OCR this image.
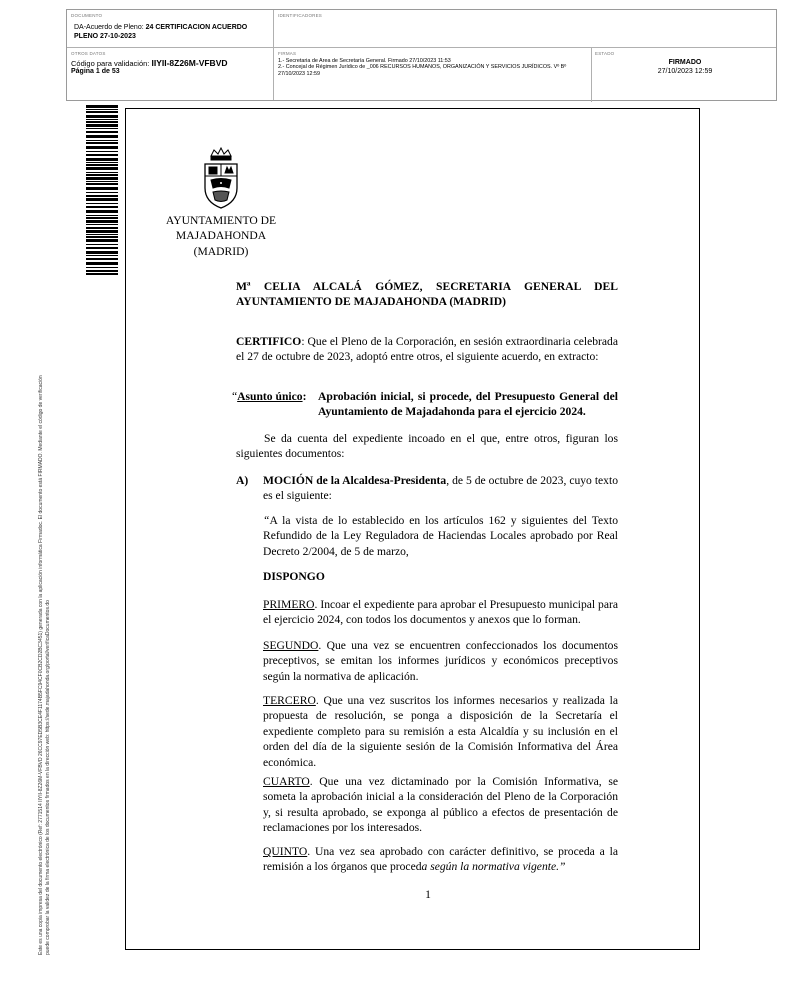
DOCUMENTO
DA-Acuerdo de Pleno: 24 CERTIFICACION ACUERDO PLENO 27-10-2023
IDENTIFICADORES
OTROS DATOS
Código para validación: IIYII-8Z26M-VFBVD
Página 1 de 53
FIRMAS
1.- Secretaria de Area de Secretaría General. Firmado 27/10/2023 11:53
2.- Concejal de Régimen Jurídico de _006 RECURSOS HUMANOS, ORGANIZACIÓN Y SERVICIOS JURÍDICOS. Vº Bº 27/10/2023 12:59
ESTADO
FIRMADO
27/10/2023 12:59
Este es una copia impresa del documento electrónico (Ref: 2771514 IIYII-8Z26M-VFBVD 26CC97ED5B3CE4F1174B5FC94CF0CB2CD2BC3451) generada con la aplicación informática Firmadoc. El documento está FIRMADO. Mediante el código de verificación puede comprobar la validez de la firma electrónica de los documentos firmados en la dirección web: https://sede.majadahonda.org/portal/verificaDocumentos.do
AYUNTAMIENTO DE
MAJADAHONDA
(MADRID)
Mª CELIA ALCALÁ GÓMEZ, SECRETARIA GENERAL DEL
AYUNTAMIENTO DE MAJADAHONDA (MADRID)
CERTIFICO: Que el Pleno de la Corporación, en sesión extraordinaria celebrada el 27 de octubre de 2023, adoptó entre otros, el siguiente acuerdo, en extracto:
“Asunto único: Aprobación inicial, si procede, del Presupuesto General del Ayuntamiento de Majadahonda para el ejercicio 2024.
Se da cuenta del expediente incoado en el que, entre otros, figuran los siguientes documentos:
A)	MOCIÓN de la Alcaldesa-Presidenta, de 5 de octubre de 2023, cuyo texto es el siguiente:
“A la vista de lo establecido en los artículos 162 y siguientes del Texto Refundido de la Ley Reguladora de Haciendas Locales aprobado por Real Decreto 2/2004, de 5 de marzo,
DISPONGO
PRIMERO. Incoar el expediente para aprobar el Presupuesto municipal para el ejercicio 2024, con todos los documentos y anexos que lo forman.
SEGUNDO. Que una vez se encuentren confeccionados los documentos preceptivos, se emitan los informes jurídicos y económicos preceptivos según la normativa de aplicación.
TERCERO. Que una vez suscritos los informes necesarios y realizada la propuesta de resolución, se ponga a disposición de la Secretaría el expediente completo para su remisión a esta Alcaldía y su inclusión en el orden del día de la siguiente sesión de la Comisión Informativa del Área económica.
CUARTO. Que una vez dictaminado por la Comisión Informativa, se someta la aprobación inicial a la consideración del Pleno de la Corporación y, si resulta aprobado, se exponga al público a efectos de presentación de reclamaciones por los interesados.
QUINTO. Una vez sea aprobado con carácter definitivo, se proceda a la remisión a los órganos que proceda según la normativa vigente.”
1
